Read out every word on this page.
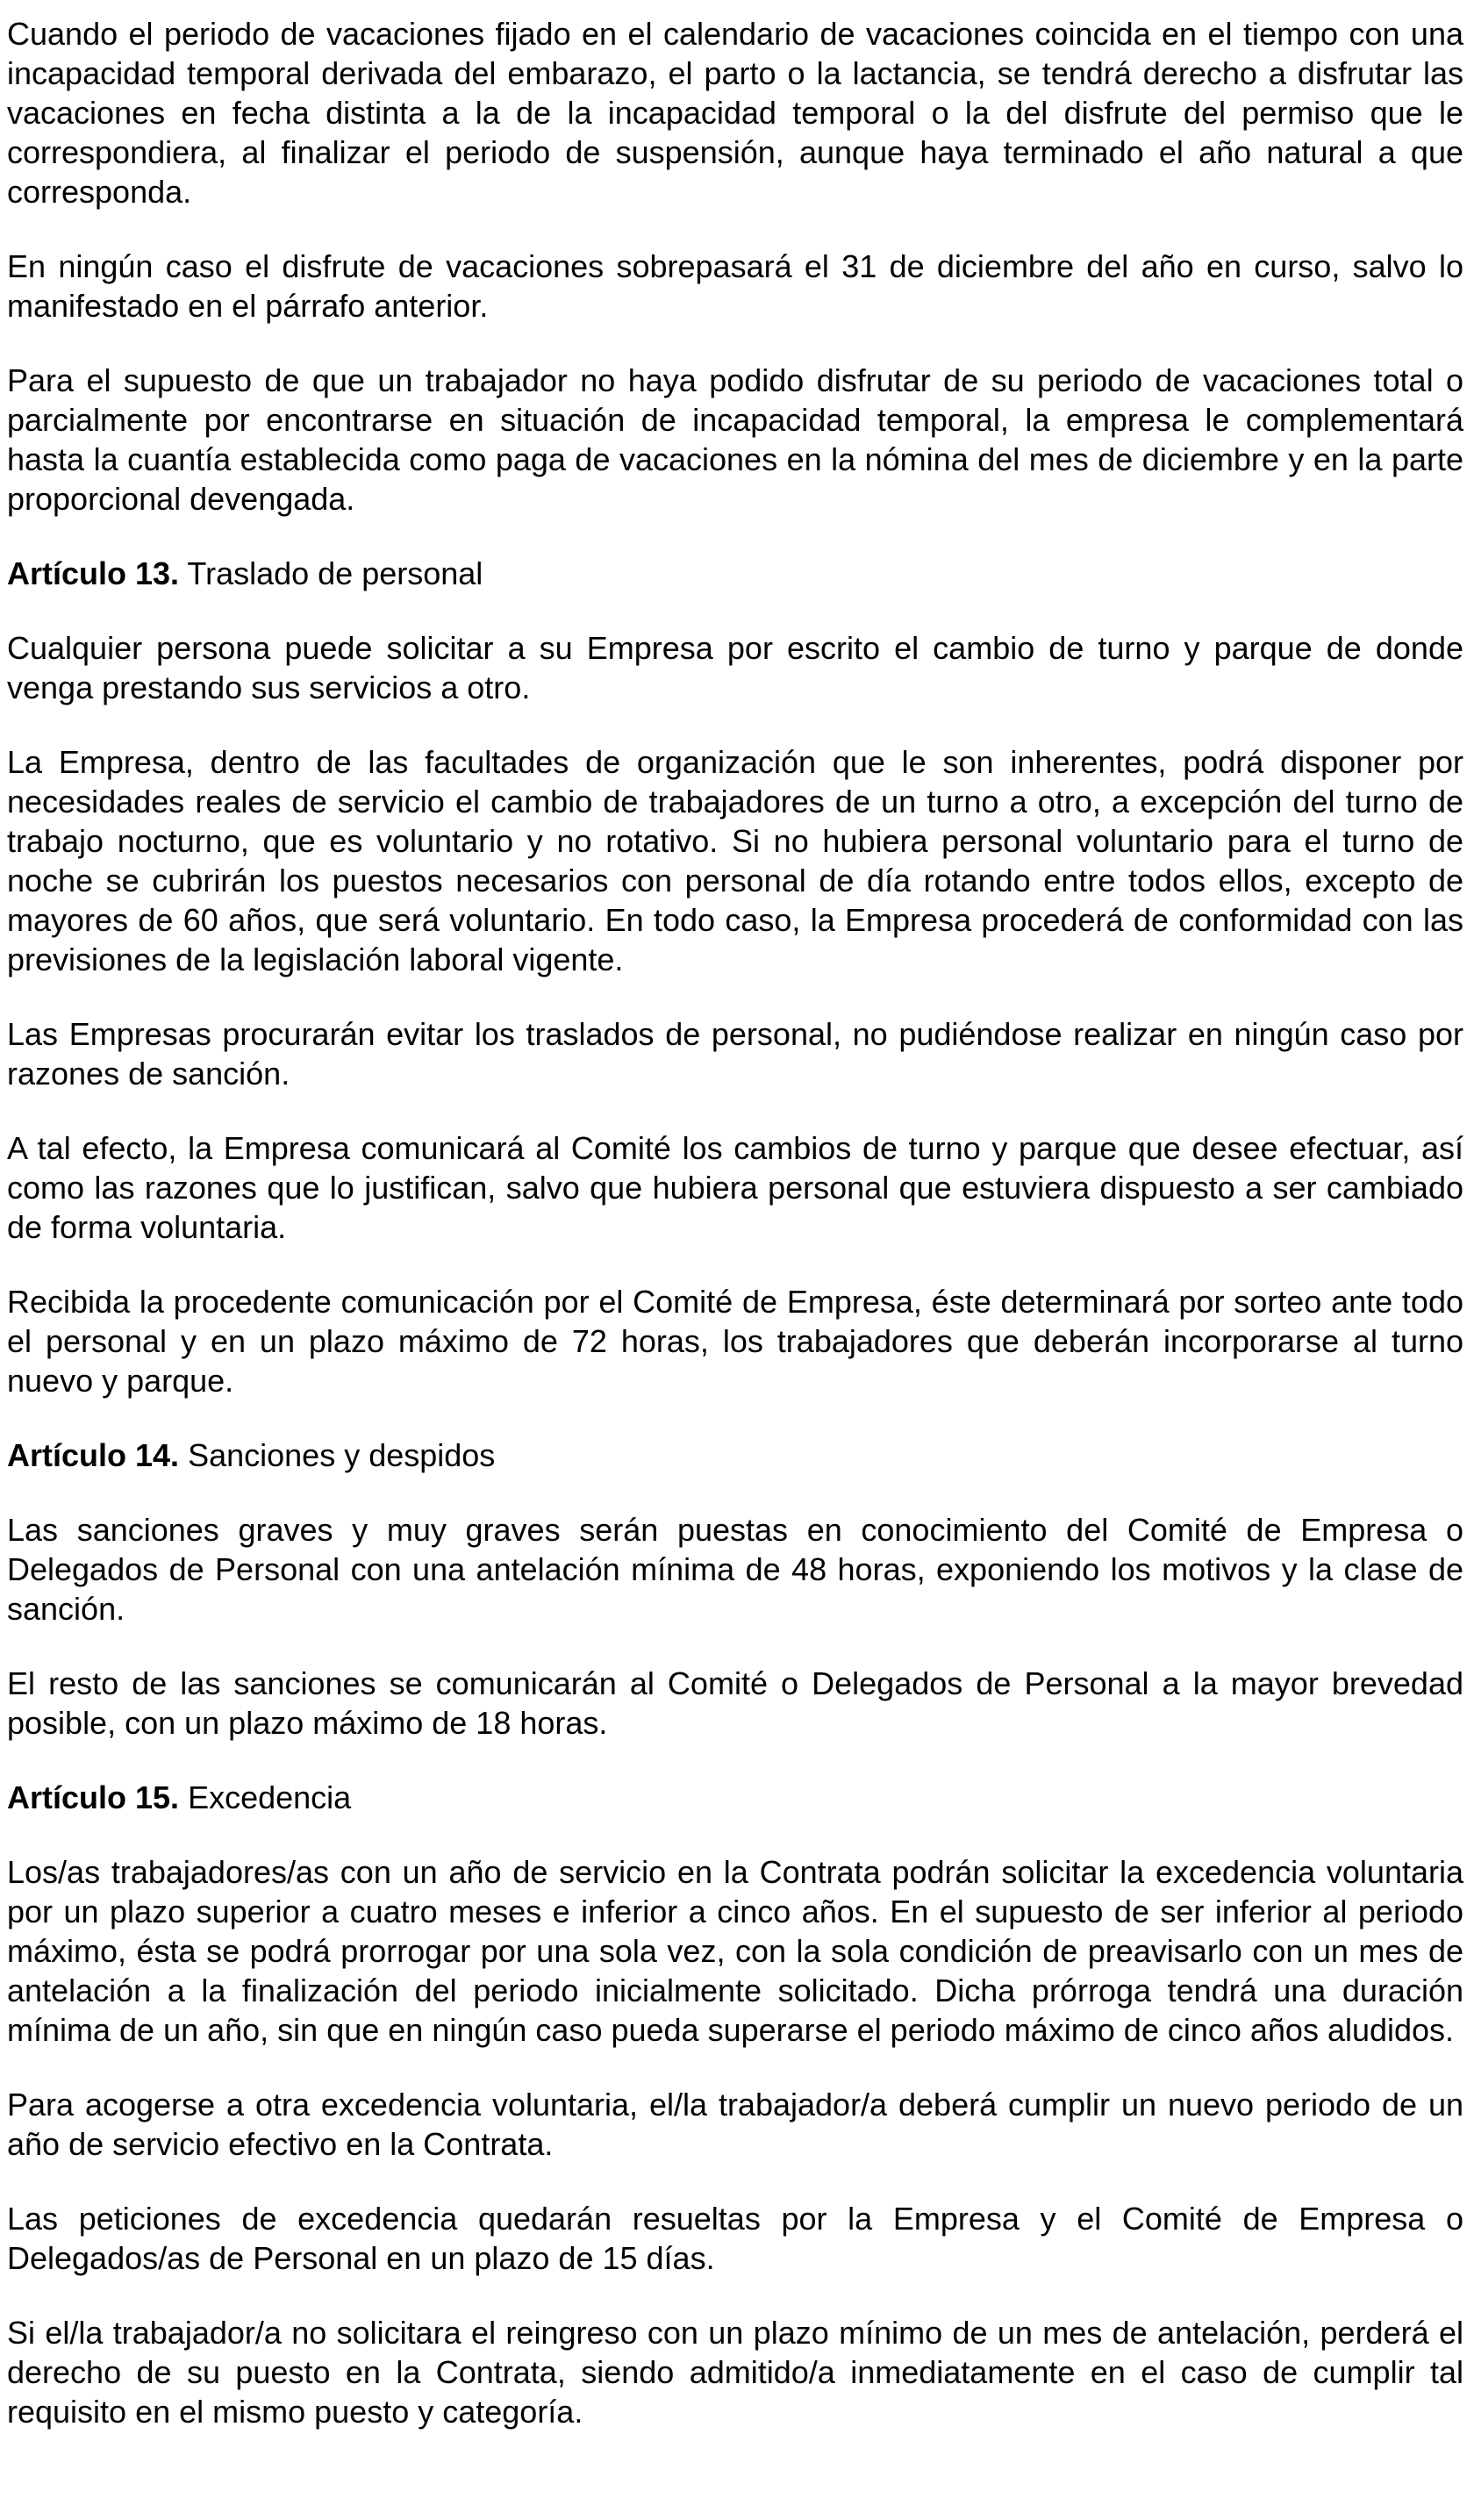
Cuando el periodo de vacaciones fijado en el calendario de vacaciones coincida en el tiempo con una incapacidad temporal derivada del embarazo, el parto o la lactancia, se tendrá derecho a disfrutar las vacaciones en fecha distinta a la de la incapacidad temporal o la del disfrute del permiso que le correspondiera, al finalizar el periodo de suspensión, aunque haya terminado el año natural a que corresponda.

En ningún caso el disfrute de vacaciones sobrepasará el 31 de diciembre del año en curso, salvo lo manifestado en el párrafo anterior.

Para el supuesto de que un trabajador no haya podido disfrutar de su periodo de vacaciones total o parcialmente por encontrarse en situación de incapacidad temporal, la empresa le complementará hasta la cuantía establecida como paga de vacaciones en la nómina del mes de diciembre y en la parte proporcional devengada.

Artículo 13. Traslado de personal

Cualquier persona puede solicitar a su Empresa por escrito el cambio de turno y parque de donde venga prestando sus servicios a otro.

La Empresa, dentro de las facultades de organización que le son inherentes, podrá disponer por necesidades reales de servicio el cambio de trabajadores de un turno a otro, a excepción del turno de trabajo nocturno, que es voluntario y no rotativo. Si no hubiera personal voluntario para el turno de noche se cubrirán los puestos necesarios con personal de día rotando entre todos ellos, excepto de mayores de 60 años, que será voluntario. En todo caso, la Empresa procederá de conformidad con las previsiones de la legislación laboral vigente.

Las Empresas procurarán evitar los traslados de personal, no pudiéndose realizar en ningún caso por razones de sanción.

A tal efecto, la Empresa comunicará al Comité los cambios de turno y parque que desee efectuar, así como las razones que lo justifican, salvo que hubiera personal que estuviera dispuesto a ser cambiado de forma voluntaria.

Recibida la procedente comunicación por el Comité de Empresa, éste determinará por sorteo ante todo el personal y en un plazo máximo de 72 horas, los trabajadores que deberán incorporarse al turno nuevo y parque.

Artículo 14. Sanciones y despidos

Las sanciones graves y muy graves serán puestas en conocimiento del Comité de Empresa o Delegados de Personal con una antelación mínima de 48 horas, exponiendo los motivos y la clase de sanción.

El resto de las sanciones se comunicarán al Comité o Delegados de Personal a la mayor brevedad posible, con un plazo máximo de 18 horas.

Artículo 15. Excedencia

Los/as trabajadores/as con un año de servicio en la Contrata podrán solicitar la excedencia voluntaria por un plazo superior a cuatro meses e inferior a cinco años. En el supuesto de ser inferior al periodo máximo, ésta se podrá prorrogar por una sola vez, con la sola condición de preavisarlo con un mes de antelación a la finalización del periodo inicialmente solicitado. Dicha prórroga tendrá una duración mínima de un año, sin que en ningún caso pueda superarse el periodo máximo de cinco años aludidos.

Para acogerse a otra excedencia voluntaria, el/la trabajador/a deberá cumplir un nuevo periodo de un año de servicio efectivo en la Contrata.

Las peticiones de excedencia quedarán resueltas por la Empresa y el Comité de Empresa o Delegados/as de Personal en un plazo de 15 días.

Si el/la trabajador/a no solicitara el reingreso con un plazo mínimo de un mes de antelación, perderá el derecho de su puesto en la Contrata, siendo admitido/a inmediatamente en el caso de cumplir tal requisito en el mismo puesto y categoría.
